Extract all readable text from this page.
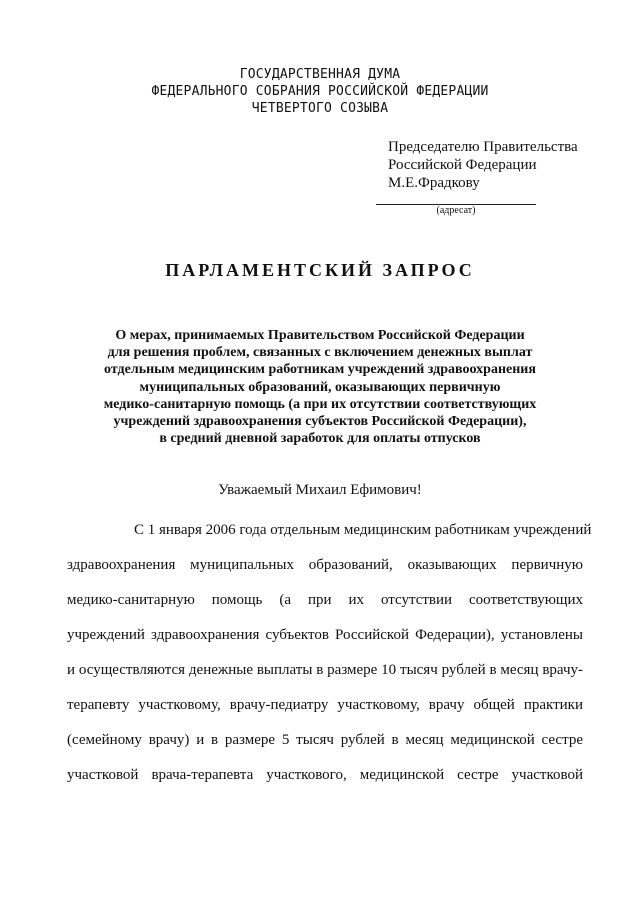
ГОСУДАРСТВЕННАЯ ДУМА
ФЕДЕРАЛЬНОГО СОБРАНИЯ РОССИЙСКОЙ ФЕДЕРАЦИИ
ЧЕТВЕРТОГО СОЗЫВА
Председателю Правительства
Российской Федерации
М.Е.Фрадкову
(адресат)
ПАРЛАМЕНТСКИЙ ЗАПРОС
О мерах, принимаемых Правительством Российской Федерации
для решения проблем, связанных с включением денежных выплат
отдельным медицинским работникам учреждений здравоохранения
муниципальных образований, оказывающих первичную
медико-санитарную помощь (а при их отсутствии соответствующих
учреждений здравоохранения субъектов Российской Федерации),
в средний дневной заработок для оплаты отпусков
Уважаемый Михаил Ефимович!
С 1 января 2006 года отдельным медицинским работникам учреждений
здравоохранения муниципальных образований, оказывающих первичную
медико-санитарную помощь (а при их отсутствии соответствующих
учреждений здравоохранения субъектов Российской Федерации), установлены
и осуществляются денежные выплаты в размере 10 тысяч рублей в месяц врачу-
терапевту участковому, врачу-педиатру участковому, врачу общей практики
(семейному врачу) и в размере 5 тысяч рублей в месяц медицинской сестре
участковой врача-терапевта участкового, медицинской сестре участковой
